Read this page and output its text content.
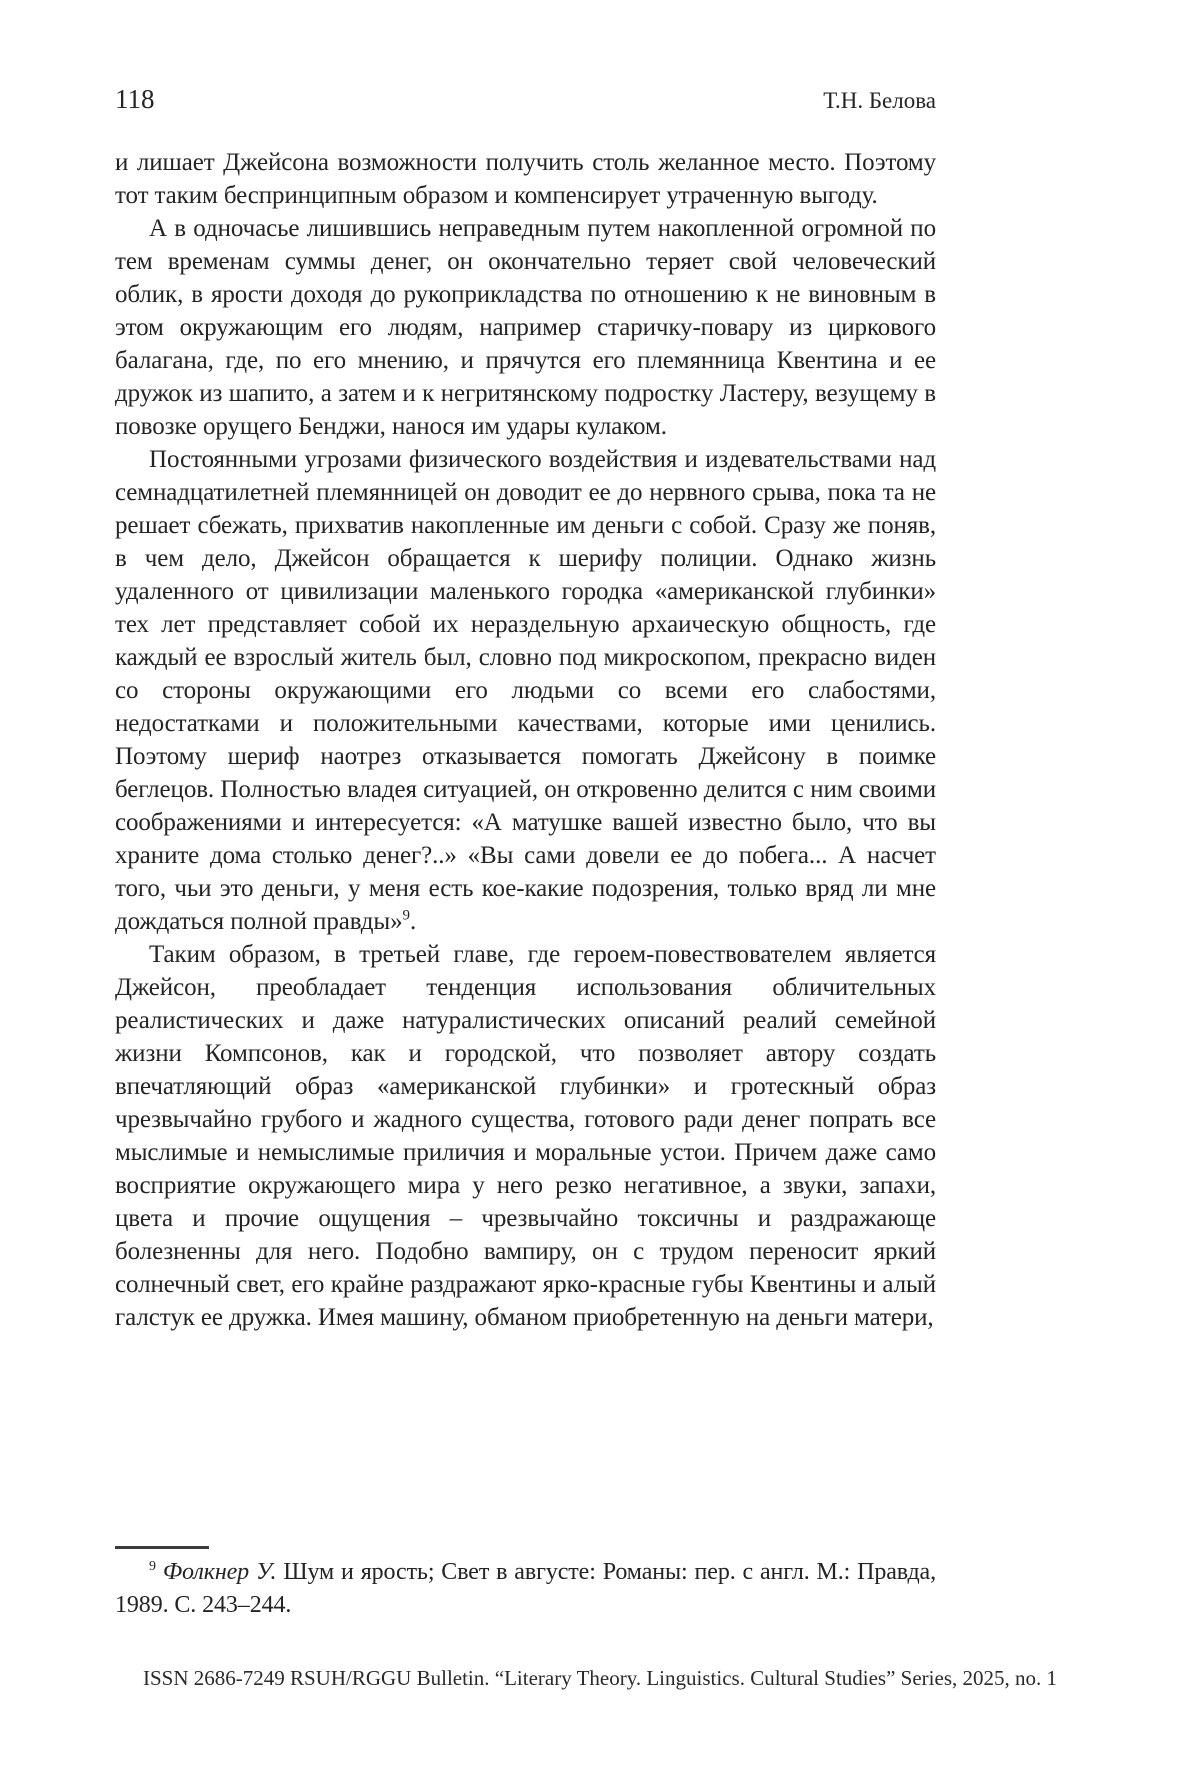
118	Т.Н. Белова

и лишает Джейсона возможности получить столь желанное место. Поэтому тот таким беспринципным образом и компенсирует утраченную выгоду.

А в одночасье лишившись неправедным путем накопленной огромной по тем временам суммы денег, он окончательно теряет свой человеческий облик, в ярости доходя до рукоприкладства по отношению к не виновным в этом окружающим его людям, например старичку-повару из циркового балагана, где, по его мнению, и прячутся его племянница Квентина и ее дружок из шапито, а затем и к негритянскому подростку Ластеру, везущему в повозке орущего Бенджи, нанося им удары кулаком.

Постоянными угрозами физического воздействия и издевательствами над семнадцатилетней племянницей он доводит ее до нервного срыва, пока та не решает сбежать, прихватив накопленные им деньги с собой. Сразу же поняв, в чем дело, Джейсон обращается к шерифу полиции. Однако жизнь удаленного от цивилизации маленького городка «американской глубинки» тех лет представляет собой их нераздельную архаическую общность, где каждый ее взрослый житель был, словно под микроскопом, прекрасно виден со стороны окружающими его людьми со всеми его слабостями, недостатками и положительными качествами, которые ими ценились. Поэтому шериф наотрез отказывается помогать Джейсону в поимке беглецов. Полностью владея ситуацией, он откровенно делится с ним своими соображениями и интересуется: «А матушке вашей известно было, что вы храните дома столько денег?..» «Вы сами довели ее до побега... А насчет того, чьи это деньги, у меня есть кое-какие подозрения, только вряд ли мне дождаться полной правды»$^9$.

Таким образом, в третьей главе, где героем-повествователем является Джейсон, преобладает тенденция использования обличительных реалистических и даже натуралистических описаний реалий семейной жизни Компсонов, как и городской, что позволяет автору создать впечатляющий образ «американской глубинки» и гротескный образ чрезвычайно грубого и жадного существа, готового ради денег попрать все мыслимые и немыслимые приличия и моральные устои. Причем даже само восприятие окружающего мира у него резко негативное, а звуки, запахи, цвета и прочие ощущения – чрезвычайно токсичны и раздражающе болезненны для него. Подобно вампиру, он с трудом переносит яркий солнечный свет, его крайне раздражают ярко-красные губы Квентины и алый галстук ее дружка. Имея машину, обманом приобретенную на деньги матери,

$^9$ Фолкнер У. Шум и ярость; Свет в августе: Романы: пер. с англ. М.: Правда, 1989. С. 243–244.

ISSN 2686-7249 RSUH/RGGU Bulletin. “Literary Theory. Linguistics. Cultural Studies” Series, 2025, no. 1
